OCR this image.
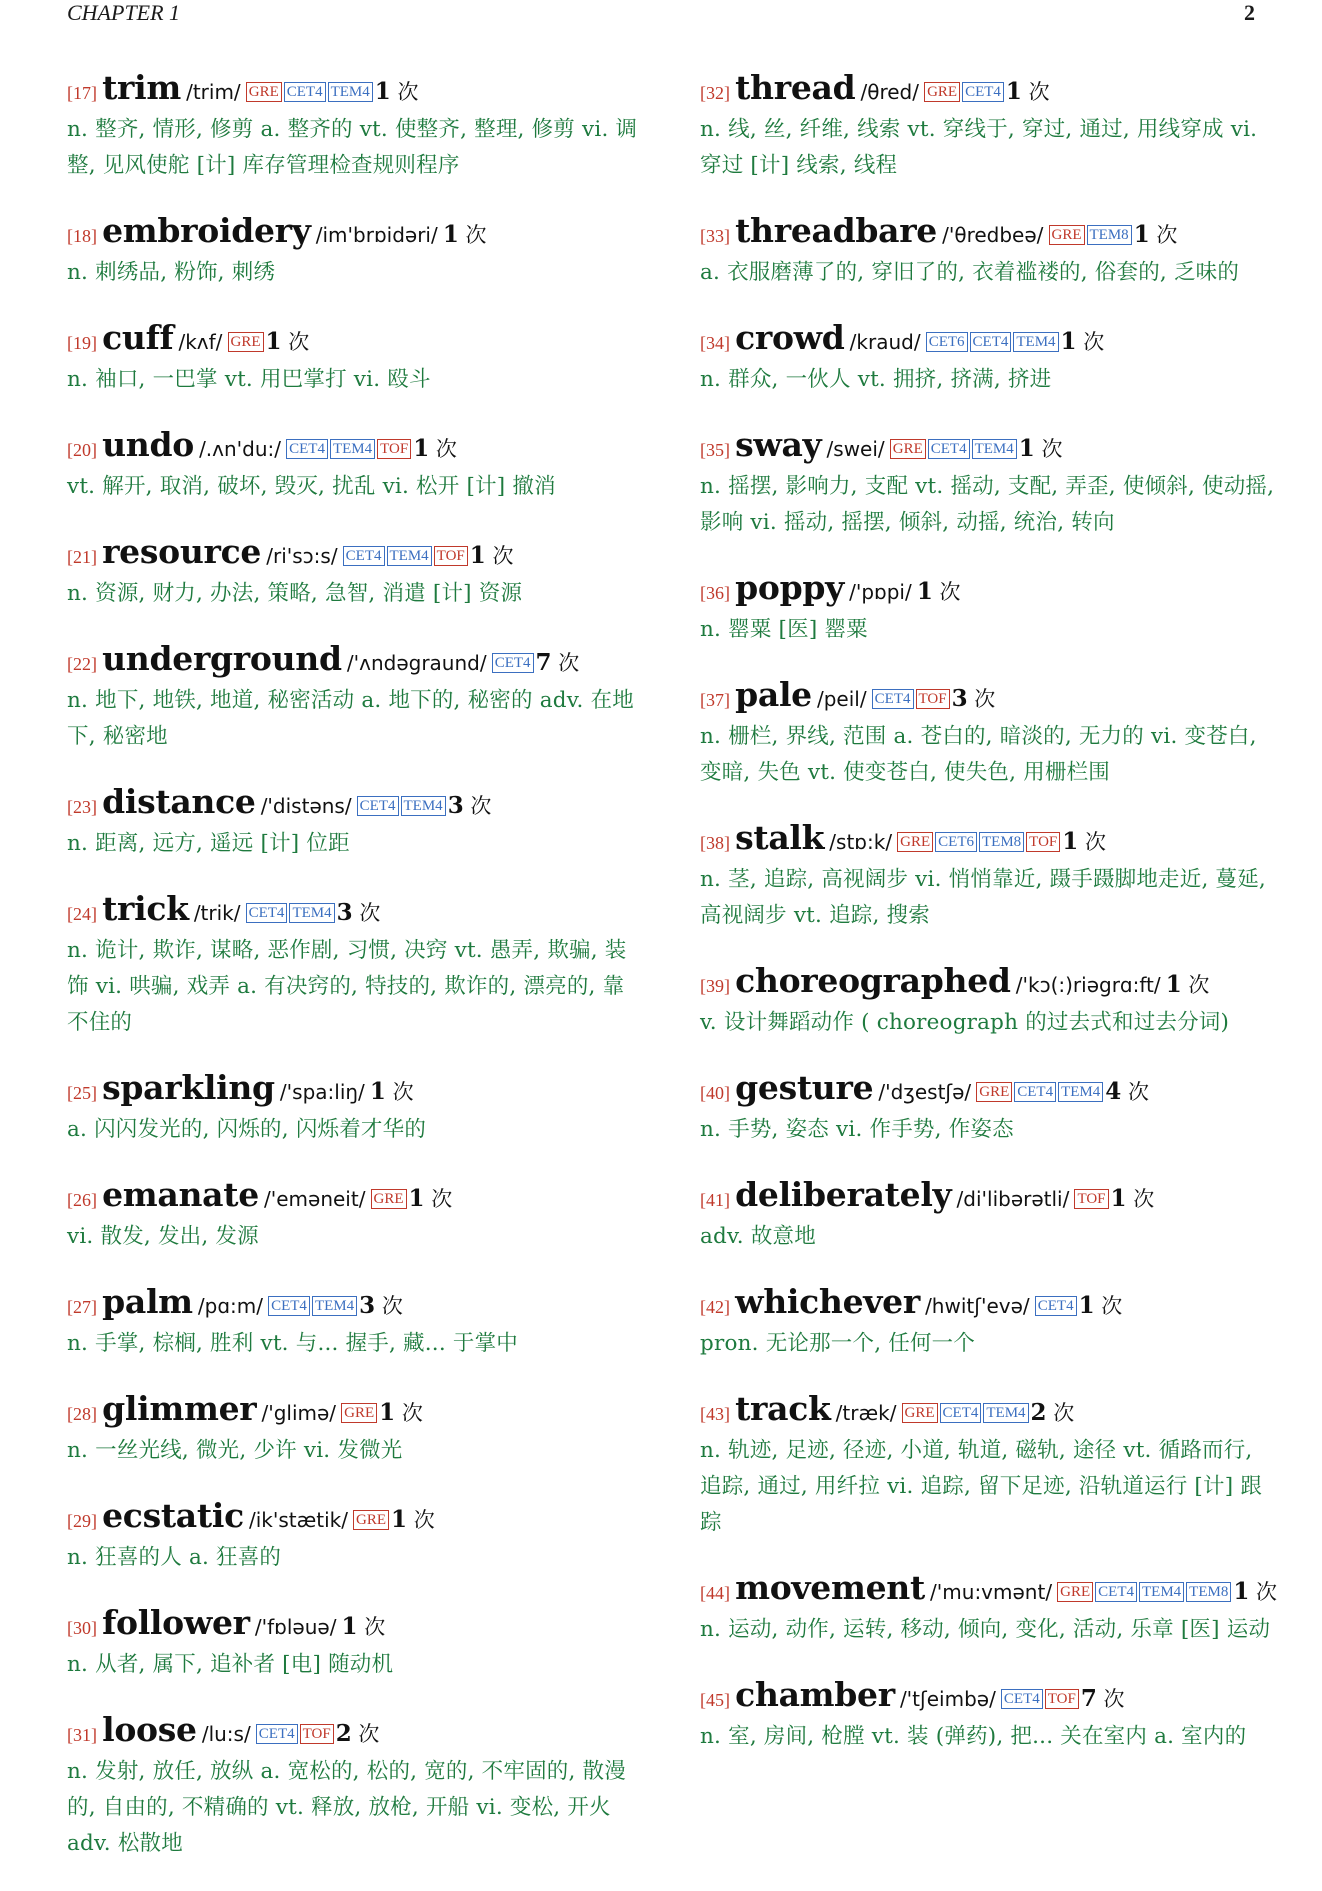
CHAPTER 1	2
[17] trim /trim/ GRE CET4 TEM4 1 次
n. 整齐, 情形, 修剪 a. 整齐的 vt. 使整齐, 整理, 修剪 vi. 调整, 见风使舵 [计] 库存管理检查规则程序
[18] embroidery /im'brɒidəri/ 1 次
n. 刺绣品, 粉饰, 刺绣
[19] cuff /kʌf/ GRE 1 次
n. 袖口, 一巴掌 vt. 用巴掌打 vi. 殴斗
[20] undo /.ʌn'du:/ CET4 TEM4 TOF 1 次
vt. 解开, 取消, 破坏, 毁灭, 扰乱 vi. 松开 [计] 撤消
[21] resource /ri'sɔ:s/ CET4 TEM4 TOF 1 次
n. 资源, 财力, 办法, 策略, 急智, 消遣 [计] 资源
[22] underground /'ʌndəgraund/ CET4 7 次
n. 地下, 地铁, 地道, 秘密活动 a. 地下的, 秘密的 adv. 在地下, 秘密地
[23] distance /'distəns/ CET4 TEM4 3 次
n. 距离, 远方, 遥远 [计] 位距
[24] trick /trik/ CET4 TEM4 3 次
n. 诡计, 欺诈, 谋略, 恶作剧, 习惯, 决窍 vt. 愚弄, 欺骗, 装饰 vi. 哄骗, 戏弄 a. 有决窍的, 特技的, 欺诈的, 漂亮的, 靠不住的
[25] sparkling /'spa:liŋ/ 1 次
a. 闪闪发光的, 闪烁的, 闪烁着才华的
[26] emanate /'eməneit/ GRE 1 次
vi. 散发, 发出, 发源
[27] palm /pɑ:m/ CET4 TEM4 3 次
n. 手掌, 棕榈, 胜利 vt. 与... 握手, 藏... 于掌中
[28] glimmer /'glimə/ GRE 1 次
n. 一丝光线, 微光, 少许 vi. 发微光
[29] ecstatic /ik'stætik/ GRE 1 次
n. 狂喜的人 a. 狂喜的
[30] follower /'fɒləuə/ 1 次
n. 从者, 属下, 追补者 [电] 随动机
[31] loose /lu:s/ CET4 TOF 2 次
n. 发射, 放任, 放纵 a. 宽松的, 松的, 宽的, 不牢固的, 散漫的, 自由的, 不精确的 vt. 释放, 放枪, 开船 vi. 变松, 开火 adv. 松散地
[32] thread /θred/ GRE CET4 1 次
n. 线, 丝, 纤维, 线索 vt. 穿线于, 穿过, 通过, 用线穿成 vi. 穿过 [计] 线索, 线程
[33] threadbare /'θredbeə/ GRE TEM8 1 次
a. 衣服磨薄了的, 穿旧了的, 衣着褴褛的, 俗套的, 乏味的
[34] crowd /kraud/ CET6 CET4 TEM4 1 次
n. 群众, 一伙人 vt. 拥挤, 挤满, 挤进
[35] sway /swei/ GRE CET4 TEM4 1 次
n. 摇摆, 影响力, 支配 vt. 摇动, 支配, 弄歪, 使倾斜, 使动摇, 影响 vi. 摇动, 摇摆, 倾斜, 动摇, 统治, 转向
[36] poppy /'pɒpi/ 1 次
n. 罂粟 [医] 罂粟
[37] pale /peil/ CET4 TOF 3 次
n. 栅栏, 界线, 范围 a. 苍白的, 暗淡的, 无力的 vi. 变苍白, 变暗, 失色 vt. 使变苍白, 使失色, 用栅栏围
[38] stalk /stɒ:k/ GRE CET6 TEM8 TOF 1 次
n. 茎, 追踪, 高视阔步 vi. 悄悄靠近, 蹑手蹑脚地走近, 蔓延, 高视阔步 vt. 追踪, 搜索
[39] choreographed /'kɔ(:)riəgrɑ:ft/ 1 次
v. 设计舞蹈动作 ( choreograph 的过去式和过去分词)
[40] gesture /'dʒestʃə/ GRE CET4 TEM4 4 次
n. 手势, 姿态 vi. 作手势, 作姿态
[41] deliberately /di'libərətli/ TOF 1 次
adv. 故意地
[42] whichever /hwitʃ'evə/ CET4 1 次
pron. 无论那一个, 任何一个
[43] track /træk/ GRE CET4 TEM4 2 次
n. 轨迹, 足迹, 径迹, 小道, 轨道, 磁轨, 途径 vt. 循路而行, 追踪, 通过, 用纤拉 vi. 追踪, 留下足迹, 沿轨道运行 [计] 跟踪
[44] movement /'mu:vmənt/ GRE CET4 TEM4 TEM8 1 次
n. 运动, 动作, 运转, 移动, 倾向, 变化, 活动, 乐章 [医] 运动
[45] chamber /'tʃeimbə/ CET4 TOF 7 次
n. 室, 房间, 枪膛 vt. 装 (弹药), 把... 关在室内 a. 室内的
